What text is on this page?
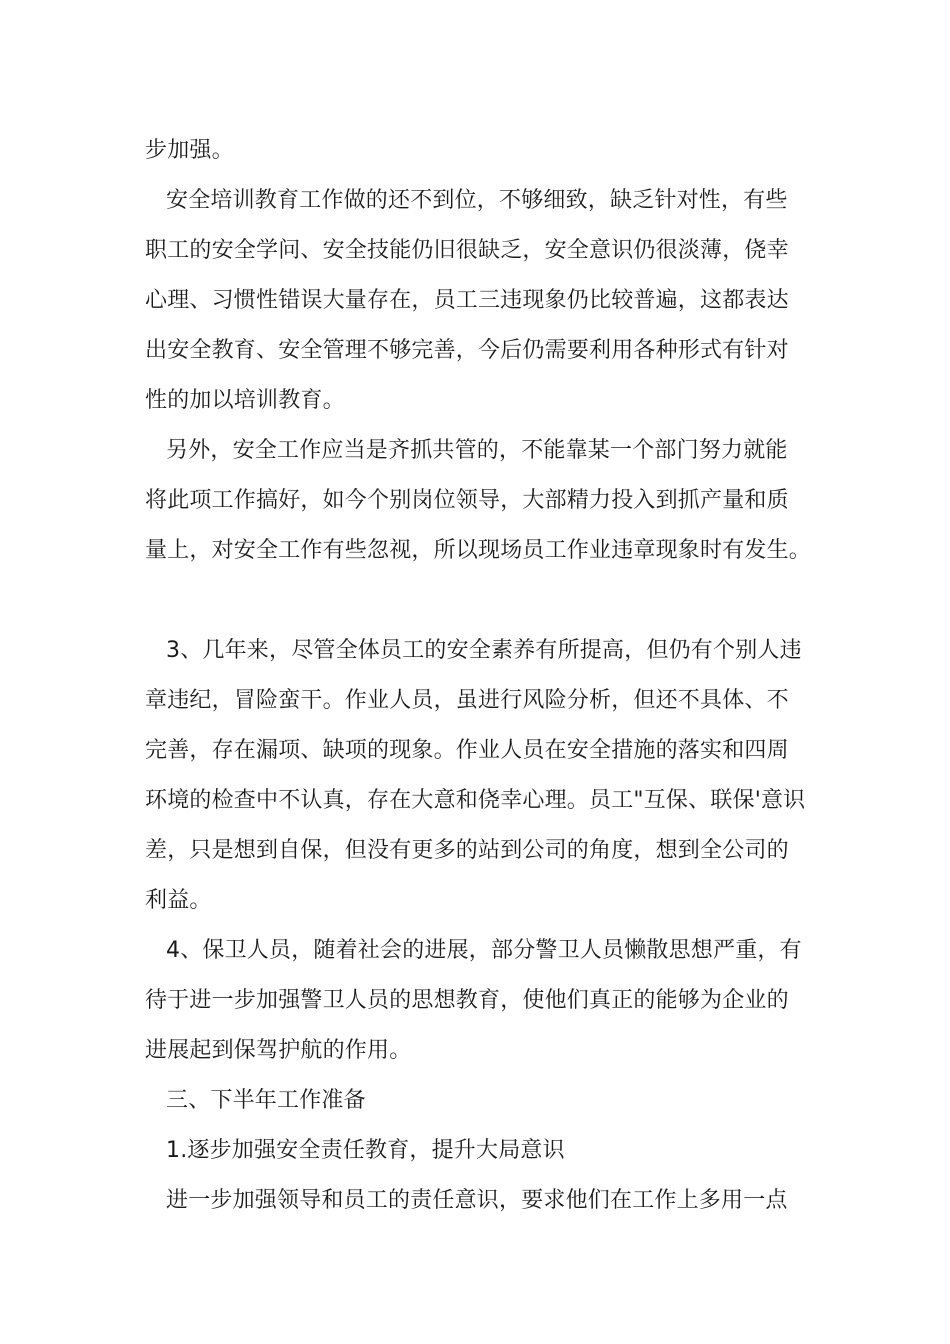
步加强。
安全培训教育工作做的还不到位，不够细致，缺乏针对性，有些
职工的安全学问、安全技能仍旧很缺乏，安全意识仍很淡薄，侥幸
心理、习惯性错误大量存在，员工三违现象仍比较普遍，这都表达
出安全教育、安全管理不够完善，今后仍需要利用各种形式有针对
性的加以培训教育。
另外，安全工作应当是齐抓共管的，不能靠某一个部门努力就能
将此项工作搞好，如今个别岗位领导，大部精力投入到抓产量和质
量上，对安全工作有些忽视，所以现场员工作业违章现象时有发生。
3、几年来，尽管全体员工的安全素养有所提高，但仍有个别人违
章违纪，冒险蛮干。作业人员，虽进行风险分析，但还不具体、不
完善，存在漏项、缺项的现象。作业人员在安全措施的落实和四周
环境的检查中不认真，存在大意和侥幸心理。员工"互保、联保'意识
差，只是想到自保，但没有更多的站到公司的角度，想到全公司的
利益。
4、保卫人员，随着社会的进展，部分警卫人员懒散思想严重，有
待于进一步加强警卫人员的思想教育，使他们真正的能够为企业的
进展起到保驾护航的作用。
三、下半年工作准备
1.逐步加强安全责任教育，提升大局意识
进一步加强领导和员工的责任意识，要求他们在工作上多用一点
